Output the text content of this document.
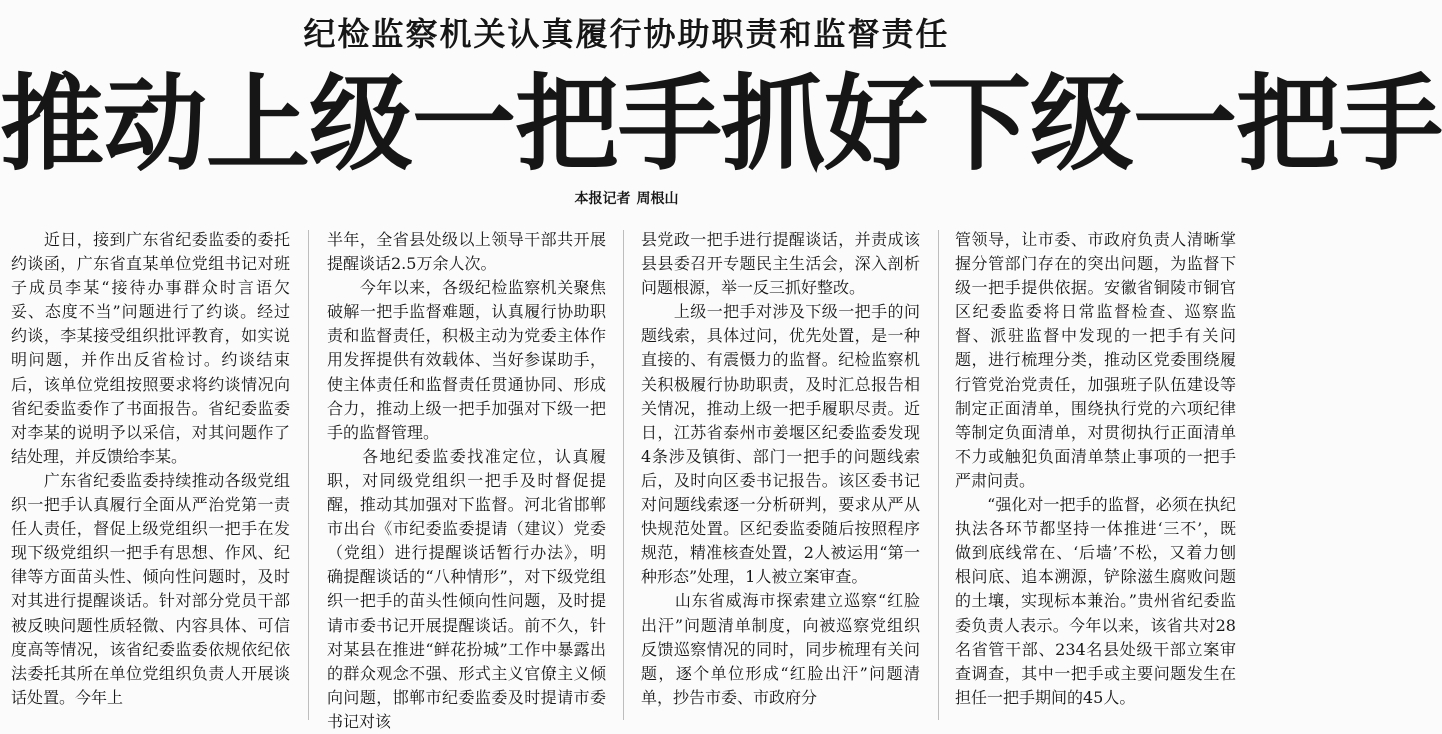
纪检监察机关认真履行协助职责和监督责任
推动上级一把手抓好下级一把手
本报记者 周根山

　　近日，接到广东省纪委监委的委托约谈函，广东省直某单位党组书记对班子成员李某“接待办事群众时言语欠妥、态度不当”问题进行了约谈。经过约谈，李某接受组织批评教育，如实说明问题，并作出反省检讨。约谈结束后，该单位党组按照要求将约谈情况向省纪委监委作了书面报告。省纪委监委对李某的说明予以采信，对其问题作了结处理，并反馈给李某。

　　广东省纪委监委持续推动各级党组织一把手认真履行全面从严治党第一责任人责任，督促上级党组织一把手在发现下级党组织一把手有思想、作风、纪律等方面苗头性、倾向性问题时，及时对其进行提醒谈话。针对部分党员干部被反映问题性质轻微、内容具体、可信度高等情况，该省纪委监委依规依纪依法委托其所在单位党组织负责人开展谈话处置。今年上

半年，全省县处级以上领导干部共开展提醒谈话2.5万余人次。

　　今年以来，各级纪检监察机关聚焦破解一把手监督难题，认真履行协助职责和监督责任，积极主动为党委主体作用发挥提供有效载体、当好参谋助手，使主体责任和监督责任贯通协同、形成合力，推动上级一把手加强对下级一把手的监督管理。

　　各地纪委监委找准定位，认真履职，对同级党组织一把手及时督促提醒，推动其加强对下监督。河北省邯郸市出台《市纪委监委提请（建议）党委（党组）进行提醒谈话暂行办法》，明确提醒谈话的“八种情形”，对下级党组织一把手的苗头性倾向性问题，及时提请市委书记开展提醒谈话。前不久，针对某县在推进“鲜花扮城”工作中暴露出的群众观念不强、形式主义官僚主义倾向问题，邯郸市纪委监委及时提请市委书记对该

县党政一把手进行提醒谈话，并责成该县县委召开专题民主生活会，深入剖析问题根源，举一反三抓好整改。

　　上级一把手对涉及下级一把手的问题线索，具体过问，优先处置，是一种直接的、有震慑力的监督。纪检监察机关积极履行协助职责，及时汇总报告相关情况，推动上级一把手履职尽责。近日，江苏省泰州市姜堰区纪委监委发现4条涉及镇街、部门一把手的问题线索后，及时向区委书记报告。该区委书记对问题线索逐一分析研判，要求从严从快规范处置。区纪委监委随后按照程序规范，精准核查处置，2人被运用“第一种形态”处理，1人被立案审查。

　　山东省威海市探索建立巡察“红脸出汗”问题清单制度，向被巡察党组织反馈巡察情况的同时，同步梳理有关问题，逐个单位形成“红脸出汗”问题清单，抄告市委、市政府分

管领导，让市委、市政府负责人清晰掌握分管部门存在的突出问题，为监督下级一把手提供依据。安徽省铜陵市铜官区纪委监委将日常监督检查、巡察监督、派驻监督中发现的一把手有关问题，进行梳理分类，推动区党委围绕履行管党治党责任，加强班子队伍建设等制定正面清单，围绕执行党的六项纪律等制定负面清单，对贯彻执行正面清单不力或触犯负面清单禁止事项的一把手严肃问责。

　　“强化对一把手的监督，必须在执纪执法各环节都坚持一体推进‘三不’，既做到底线常在、‘后墙’不松，又着力刨根问底、追本溯源，铲除滋生腐败问题的土壤，实现标本兼治。”贵州省纪委监委负责人表示。今年以来，该省共对28名省管干部、234名县处级干部立案审查调查，其中一把手或主要问题发生在担任一把手期间的45人。
